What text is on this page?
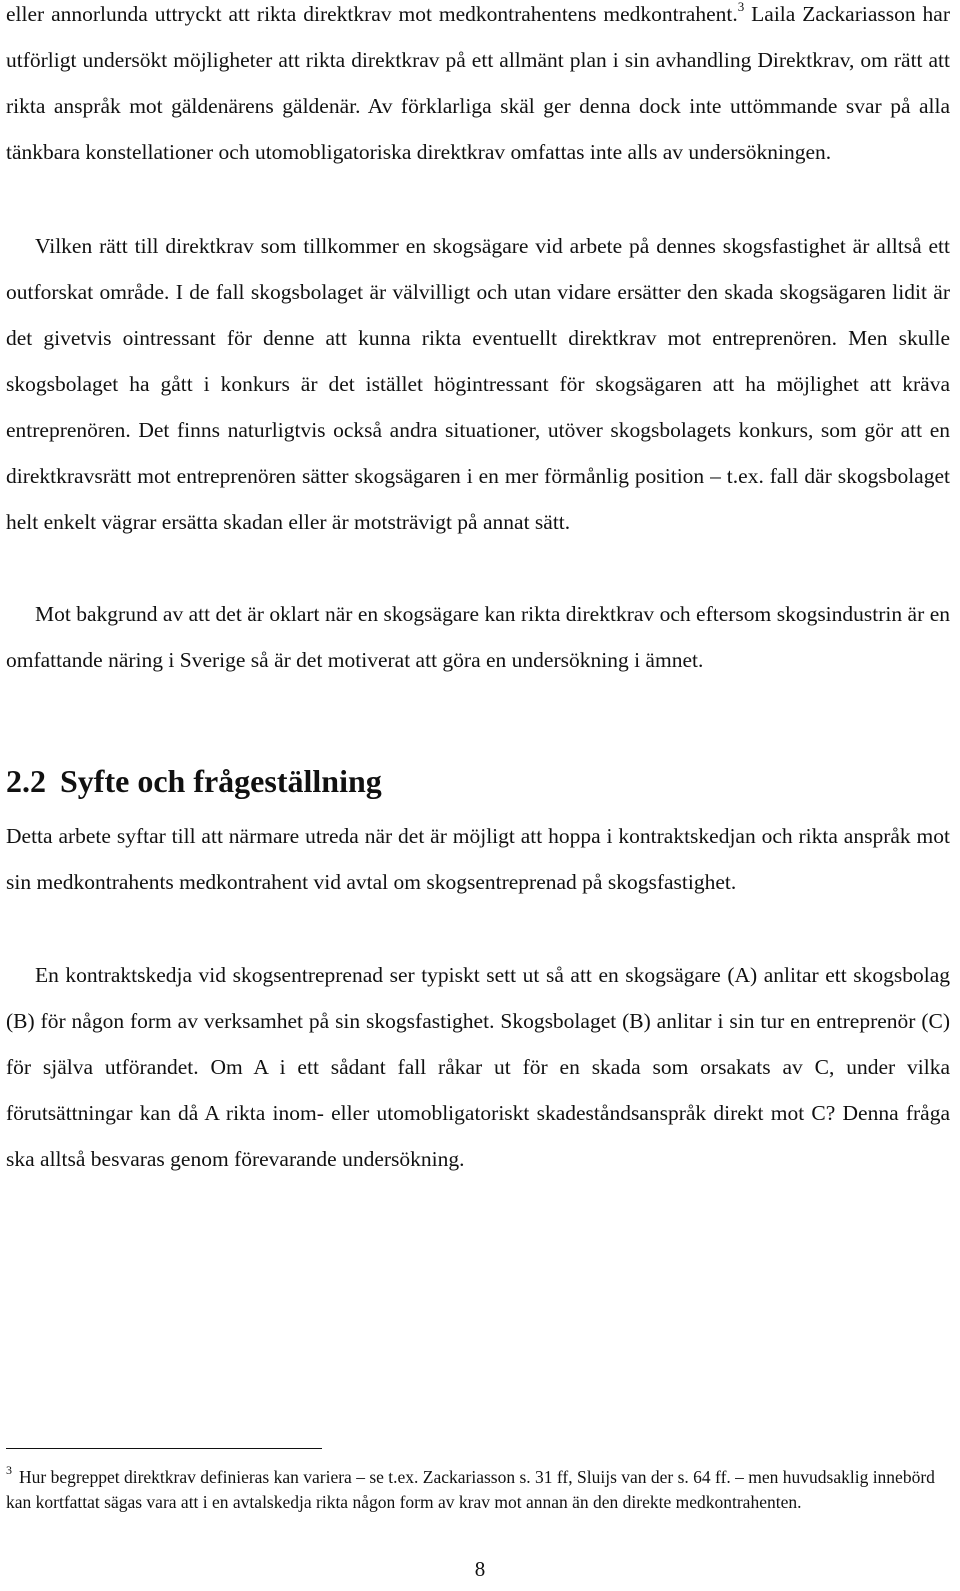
eller annorlunda uttryckt att rikta direktkrav mot medkontrahentens medkontrahent.$^3$ Laila Zackariasson har utförligt undersökt möjligheter att rikta direktkrav på ett allmänt plan i sin avhandling Direktkrav, om rätt att rikta anspråk mot gäldenärens gäldenär. Av förklarliga skäl ger denna dock inte uttömmande svar på alla tänkbara konstellationer och utomobligatoriska direktkrav omfattas inte alls av undersökningen.

Vilken rätt till direktkrav som tillkommer en skogsägare vid arbete på dennes skogsfastighet är alltså ett outforskat område. I de fall skogsbolaget är välvilligt och utan vidare ersätter den skada skogsägaren lidit är det givetvis ointressant för denne att kunna rikta eventuellt direktkrav mot entreprenören. Men skulle skogsbolaget ha gått i konkurs är det istället högintressant för skogsägaren att ha möjlighet att kräva entreprenören. Det finns naturligtvis också andra situationer, utöver skogsbolagets konkurs, som gör att en direktkravsrätt mot entreprenören sätter skogsägaren i en mer förmånlig position – t.ex. fall där skogsbolaget helt enkelt vägrar ersätta skadan eller är motsträvigt på annat sätt.

Mot bakgrund av att det är oklart när en skogsägare kan rikta direktkrav och eftersom skogsindustrin är en omfattande näring i Sverige så är det motiverat att göra en undersökning i ämnet.

2.2 Syfte och frågeställning

Detta arbete syftar till att närmare utreda när det är möjligt att hoppa i kontraktskedjan och rikta anspråk mot sin medkontrahents medkontrahent vid avtal om skogsentreprenad på skogsfastighet.

En kontraktskedja vid skogsentreprenad ser typiskt sett ut så att en skogsägare (A) anlitar ett skogsbolag (B) för någon form av verksamhet på sin skogsfastighet. Skogsbolaget (B) anlitar i sin tur en entreprenör (C) för själva utförandet. Om A i ett sådant fall råkar ut för en skada som orsakats av C, under vilka förutsättningar kan då A rikta inom- eller utomobligatoriskt skadeståndsanspråk direkt mot C? Denna fråga ska alltså besvaras genom förevarande undersökning.

$^3$ Hur begreppet direktkrav definieras kan variera – se t.ex. Zackariasson s. 31 ff, Sluijs van der s. 64 ff. – men huvudsaklig innebörd kan kortfattat sägas vara att i en avtalskedja rikta någon form av krav mot annan än den direkte medkontrahenten.

8
